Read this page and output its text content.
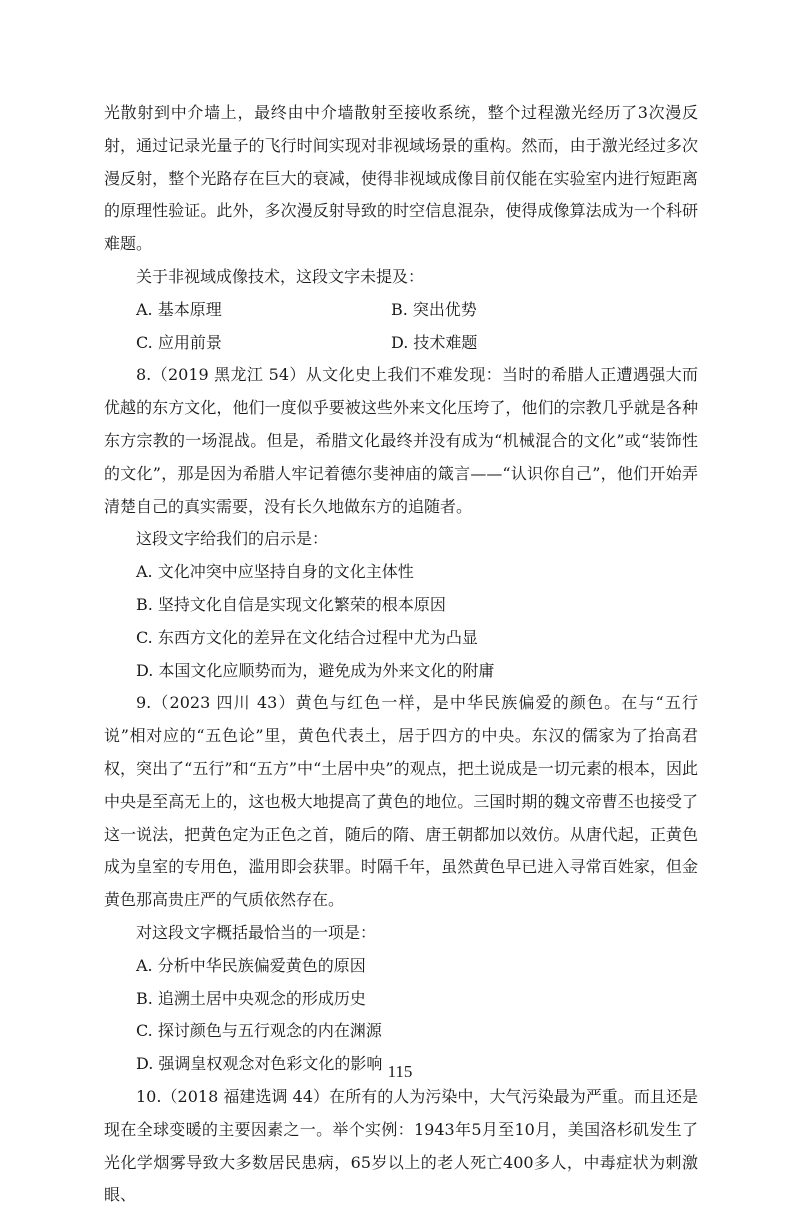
光散射到中介墙上，最终由中介墙散射至接收系统，整个过程激光经历了3次漫反射，通过记录光量子的飞行时间实现对非视域场景的重构。然而，由于激光经过多次漫反射，整个光路存在巨大的衰减，使得非视域成像目前仅能在实验室内进行短距离的原理性验证。此外，多次漫反射导致的时空信息混杂，使得成像算法成为一个科研难题。

关于非视域成像技术，这段文字未提及：

A. 基本原理	B. 突出优势
C. 应用前景	D. 技术难题

8.（2019 黑龙江 54）从文化史上我们不难发现：当时的希腊人正遭遇强大而优越的东方文化，他们一度似乎要被这些外来文化压垮了，他们的宗教几乎就是各种东方宗教的一场混战。但是，希腊文化最终并没有成为“机械混合的文化”或“装饰性的文化”，那是因为希腊人牢记着德尔斐神庙的箴言——“认识你自己”，他们开始弄清楚自己的真实需要，没有长久地做东方的追随者。

这段文字给我们的启示是：

A. 文化冲突中应坚持自身的文化主体性

B. 坚持文化自信是实现文化繁荣的根本原因

C. 东西方文化的差异在文化结合过程中尤为凸显

D. 本国文化应顺势而为，避免成为外来文化的附庸

9.（2023 四川 43）黄色与红色一样，是中华民族偏爱的颜色。在与“五行说”相对应的“五色论”里，黄色代表土，居于四方的中央。东汉的儒家为了抬高君权，突出了“五行”和“五方”中“土居中央”的观点，把土说成是一切元素的根本，因此中央是至高无上的，这也极大地提高了黄色的地位。三国时期的魏文帝曹丕也接受了这一说法，把黄色定为正色之首，随后的隋、唐王朝都加以效仿。从唐代起，正黄色成为皇室的专用色，滥用即会获罪。时隔千年，虽然黄色早已进入寻常百姓家，但金黄色那高贵庄严的气质依然存在。

对这段文字概括最恰当的一项是：

A. 分析中华民族偏爱黄色的原因

B. 追溯土居中央观念的形成历史

C. 探讨颜色与五行观念的内在渊源

D. 强调皇权观念对色彩文化的影响

10.（2018 福建选调 44）在所有的人为污染中，大气污染最为严重。而且还是现在全球变暖的主要因素之一。举个实例：1943年5月至10月，美国洛杉矶发生了光化学烟雾导致大多数居民患病，65岁以上的老人死亡400多人，中毒症状为刺激眼、

115
